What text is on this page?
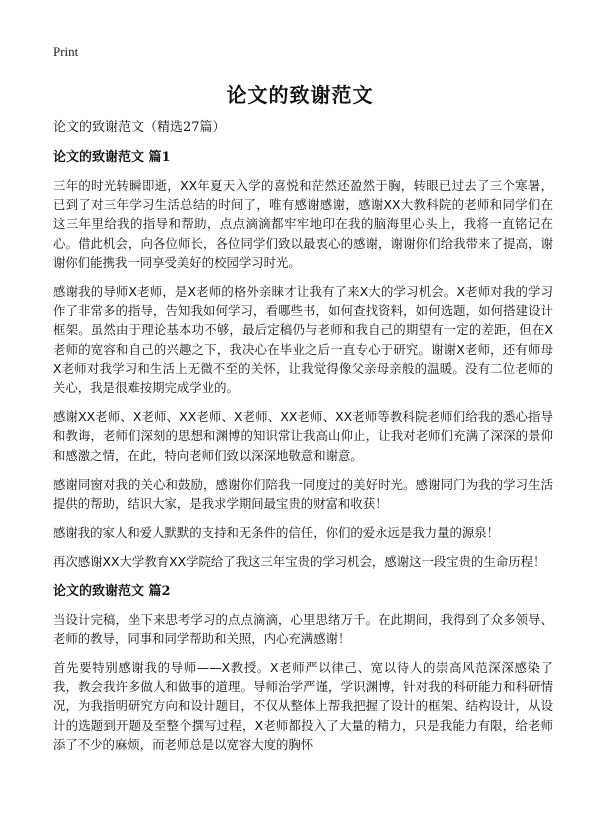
Print
论文的致谢范文

论文的致谢范文（精选27篇）

论文的致谢范文 篇1

三年的时光转瞬即逝，XX年夏天入学的喜悦和茫然还盈然于胸，转眼已过去了三个寒暑，已到了对三年学习生活总结的时间了，唯有感谢感谢，感谢XX大教科院的老师和同学们在这三年里给我的指导和帮助，点点滴滴都牢牢地印在我的脑海里心头上，我将一直铭记在心。借此机会，向各位师长，各位同学们致以最衷心的感谢，谢谢你们给我带来了提高，谢谢你们能携我一同享受美好的校园学习时光。

感谢我的导师X老师，是X老师的格外亲睐才让我有了来X大的学习机会。X老师对我的学习作了非常多的指导，告知我如何学习，看哪些书，如何查找资料，如何选题，如何搭建设计框架。虽然由于理论基本功不够，最后定稿仍与老师和我自己的期望有一定的差距，但在X老师的宽容和自己的兴趣之下，我决心在毕业之后一直专心于研究。谢谢X老师，还有师母X老师对我学习和生活上无微不至的关怀，让我觉得像父亲母亲般的温暖。没有二位老师的关心，我是很难按期完成学业的。

感谢XX老师、X老师、XX老师、X老师、XX老师、XX老师等教科院老师们给我的悉心指导和教诲，老师们深刻的思想和渊博的知识常让我高山仰止，让我对老师们充满了深深的景仰和感激之情，在此，特向老师们致以深深地敬意和谢意。

感谢同窗对我的关心和鼓励，感谢你们陪我一同度过的美好时光。感谢同门为我的学习生活提供的帮助，结识大家，是我求学期间最宝贵的财富和收获！

感谢我的家人和爱人默默的支持和无条件的信任，你们的爱永远是我力量的源泉！

再次感谢XX大学教育XX学院给了我这三年宝贵的学习机会，感谢这一段宝贵的生命历程！

论文的致谢范文 篇2

当设计完稿，坐下来思考学习的点点滴滴，心里思绪万千。在此期间，我得到了众多领导、老师的教导，同事和同学帮助和关照，内心充满感谢！

首先要特别感谢我的导师——X教授。X老师严以律己、宽以待人的崇高风范深深感染了我，教会我许多做人和做事的道理。导师治学严谨，学识渊博，针对我的科研能力和科研情况，为我指明研究方向和设计题目，不仅从整体上帮我把握了设计的框架、结构设计，从设计的选题到开题及至整个撰写过程，X老师都投入了大量的精力，只是我能力有限，给老师添了不少的麻烦，而老师总是以宽容大度的胸怀
